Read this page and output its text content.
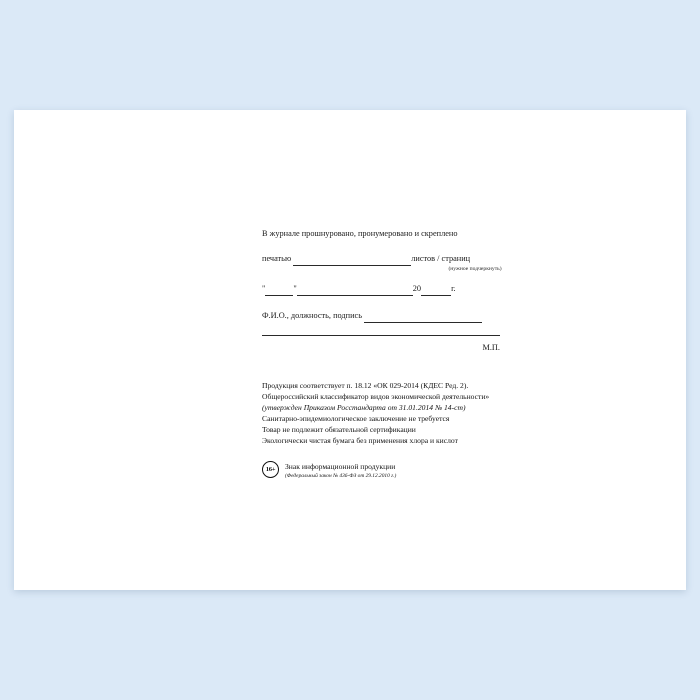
В журнале прошнуровано, пронумеровано и скреплено
печатью	листов / страниц
(нужное подчеркнуть)
"	"	20	г.
Ф.И.О., должность, подпись
М.П.
Продукция соответствует п. 18.12 «ОК 029-2014 (КДЕС Ред. 2).
Общероссийский классификатор видов экономической деятельности»
(утвержден Приказом Росстандарта от 31.01.2014 № 14-ст)
Санитарно-эпидемиологическое заключение не требуется
Товар не подлежит обязательной сертификации
Экологически чистая бумага без применения хлора и кислот
16+	Знак информационной продукции
(Федеральный закон № 436-ФЗ от 29.12.2010 г.)
